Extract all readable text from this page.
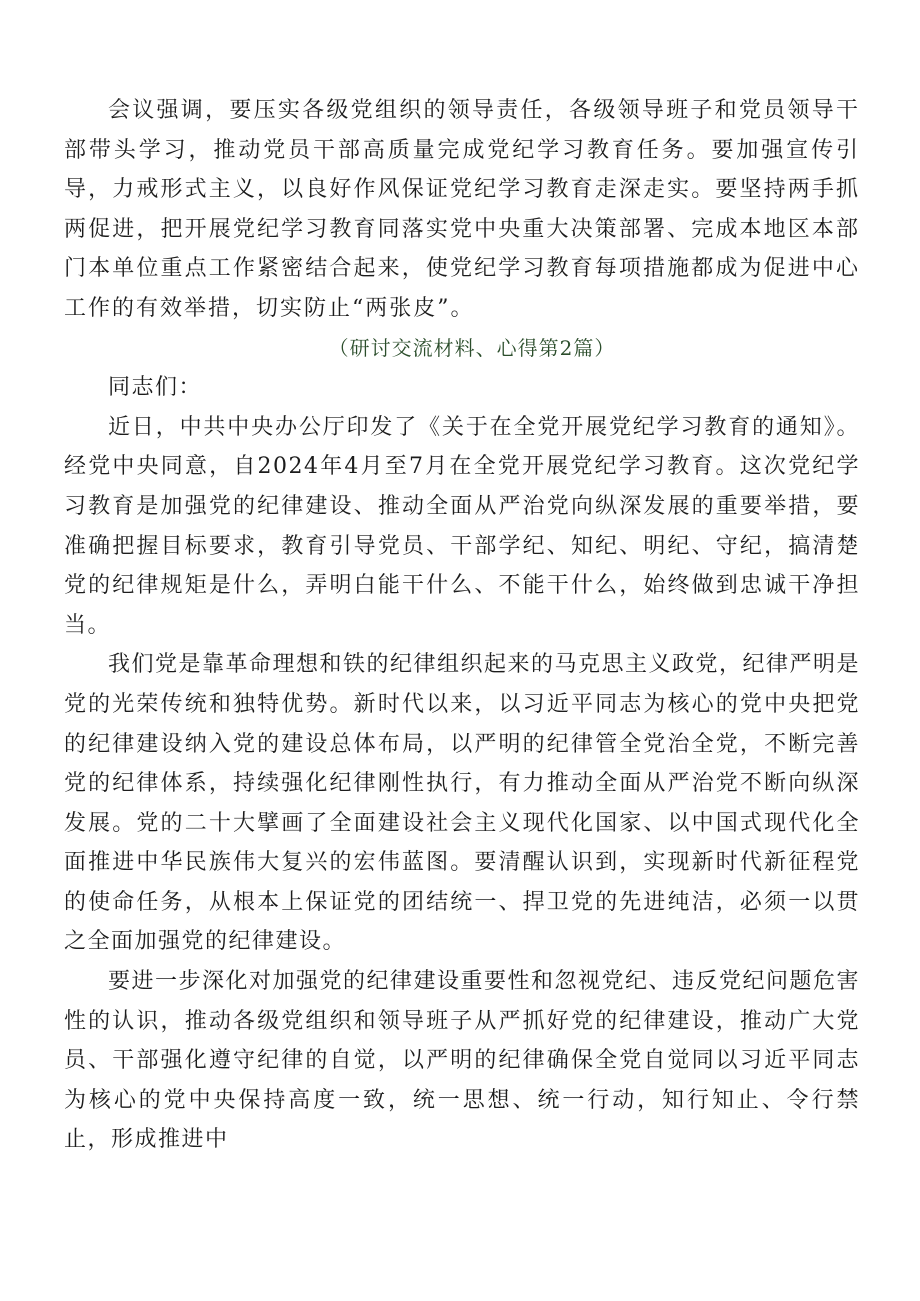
会议强调，要压实各级党组织的领导责任，各级领导班子和党员领导干部带头学习，推动党员干部高质量完成党纪学习教育任务。要加强宣传引导，力戒形式主义，以良好作风保证党纪学习教育走深走实。要坚持两手抓两促进，把开展党纪学习教育同落实党中央重大决策部署、完成本地区本部门本单位重点工作紧密结合起来，使党纪学习教育每项措施都成为促进中心工作的有效举措，切实防止“两张皮”。

（研讨交流材料、心得第2篇）

同志们：

近日，中共中央办公厅印发了《关于在全党开展党纪学习教育的通知》。经党中央同意，自2024年4月至7月在全党开展党纪学习教育。这次党纪学习教育是加强党的纪律建设、推动全面从严治党向纵深发展的重要举措，要准确把握目标要求，教育引导党员、干部学纪、知纪、明纪、守纪，搞清楚党的纪律规矩是什么，弄明白能干什么、不能干什么，始终做到忠诚干净担当。

我们党是靠革命理想和铁的纪律组织起来的马克思主义政党，纪律严明是党的光荣传统和独特优势。新时代以来，以习近平同志为核心的党中央把党的纪律建设纳入党的建设总体布局，以严明的纪律管全党治全党，不断完善党的纪律体系，持续强化纪律刚性执行，有力推动全面从严治党不断向纵深发展。党的二十大擘画了全面建设社会主义现代化国家、以中国式现代化全面推进中华民族伟大复兴的宏伟蓝图。要清醒认识到，实现新时代新征程党的使命任务，从根本上保证党的团结统一、捍卫党的先进纯洁，必须一以贯之全面加强党的纪律建设。

要进一步深化对加强党的纪律建设重要性和忽视党纪、违反党纪问题危害性的认识，推动各级党组织和领导班子从严抓好党的纪律建设，推动广大党员、干部强化遵守纪律的自觉，以严明的纪律确保全党自觉同以习近平同志为核心的党中央保持高度一致，统一思想、统一行动，知行知止、令行禁止，形成推进中
